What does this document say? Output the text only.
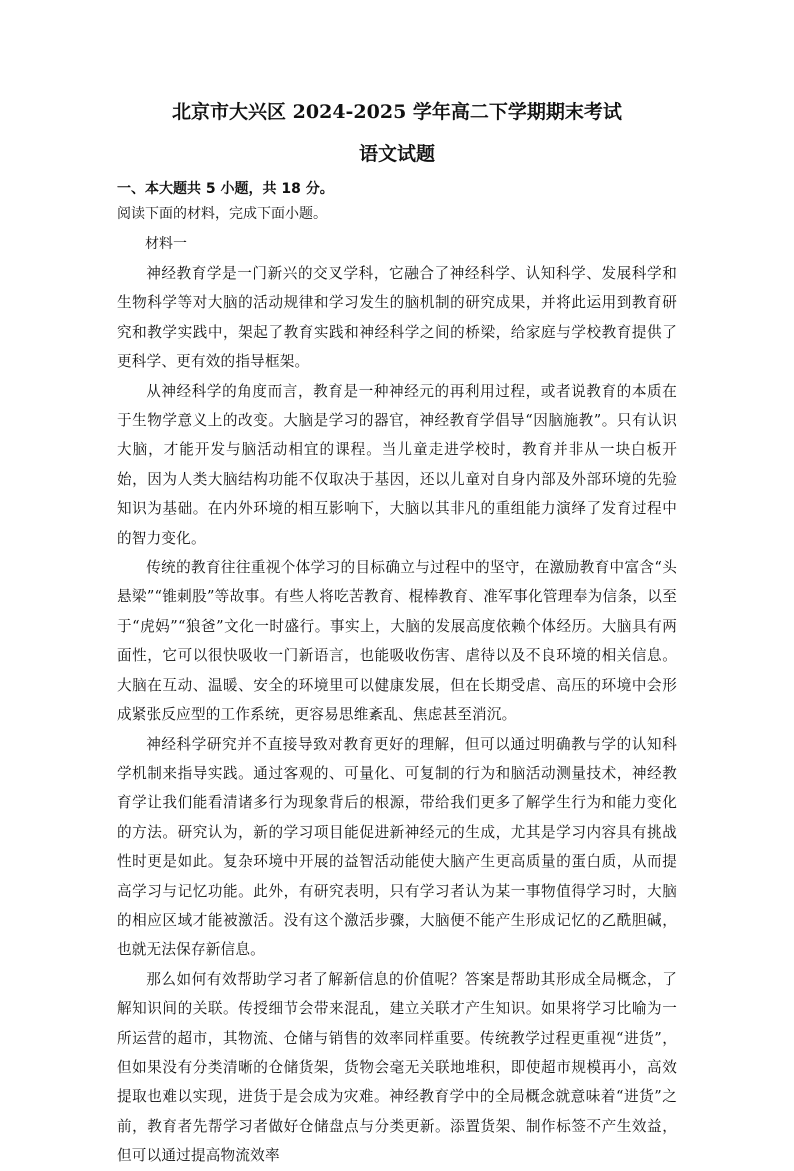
北京市大兴区 2024-2025 学年高二下学期期末考试
语文试题
一、本大题共 5 小题，共 18 分。
阅读下面的材料，完成下面小题。
材料一

神经教育学是一门新兴的交叉学科，它融合了神经科学、认知科学、发展科学和生物科学等对大脑的活动规律和学习发生的脑机制的研究成果，并将此运用到教育研究和教学实践中，架起了教育实践和神经科学之间的桥梁，给家庭与学校教育提供了更科学、更有效的指导框架。

从神经科学的角度而言，教育是一种神经元的再利用过程，或者说教育的本质在于生物学意义上的改变。大脑是学习的器官，神经教育学倡导“因脑施教”。只有认识大脑，才能开发与脑活动相宜的课程。当儿童走进学校时，教育并非从一块白板开始，因为人类大脑结构功能不仅取决于基因，还以儿童对自身内部及外部环境的先验知识为基础。在内外环境的相互影响下，大脑以其非凡的重组能力演绎了发育过程中的智力变化。

传统的教育往往重视个体学习的目标确立与过程中的坚守，在激励教育中富含“头悬梁”“锥刺股”等故事。有些人将吃苦教育、棍棒教育、准军事化管理奉为信条，以至于“虎妈”“狼爸”文化一时盛行。事实上，大脑的发展高度依赖个体经历。大脑具有两面性，它可以很快吸收一门新语言，也能吸收伤害、虐待以及不良环境的相关信息。大脑在互动、温暖、安全的环境里可以健康发展，但在长期受虐、高压的环境中会形成紧张反应型的工作系统，更容易思维紊乱、焦虑甚至消沉。

神经科学研究并不直接导致对教育更好的理解，但可以通过明确教与学的认知科学机制来指导实践。通过客观的、可量化、可复制的行为和脑活动测量技术，神经教育学让我们能看清诸多行为现象背后的根源，带给我们更多了解学生行为和能力变化的方法。研究认为，新的学习项目能促进新神经元的生成，尤其是学习内容具有挑战性时更是如此。复杂环境中开展的益智活动能使大脑产生更高质量的蛋白质，从而提高学习与记忆功能。此外，有研究表明，只有学习者认为某一事物值得学习时，大脑的相应区域才能被激活。没有这个激活步骤，大脑便不能产生形成记忆的乙酰胆碱，也就无法保存新信息。

那么如何有效帮助学习者了解新信息的价值呢？答案是帮助其形成全局概念，了解知识间的关联。传授细节会带来混乱，建立关联才产生知识。如果将学习比喻为一所运营的超市，其物流、仓储与销售的效率同样重要。传统教学过程更重视“进货”，但如果没有分类清晰的仓储货架，货物会毫无关联地堆积，即使超市规模再小，高效提取也难以实现，进货于是会成为灾难。神经教育学中的全局概念就意味着“进货”之前，教育者先帮学习者做好仓储盘点与分类更新。添置货架、制作标签不产生效益，但可以通过提高物流效率
